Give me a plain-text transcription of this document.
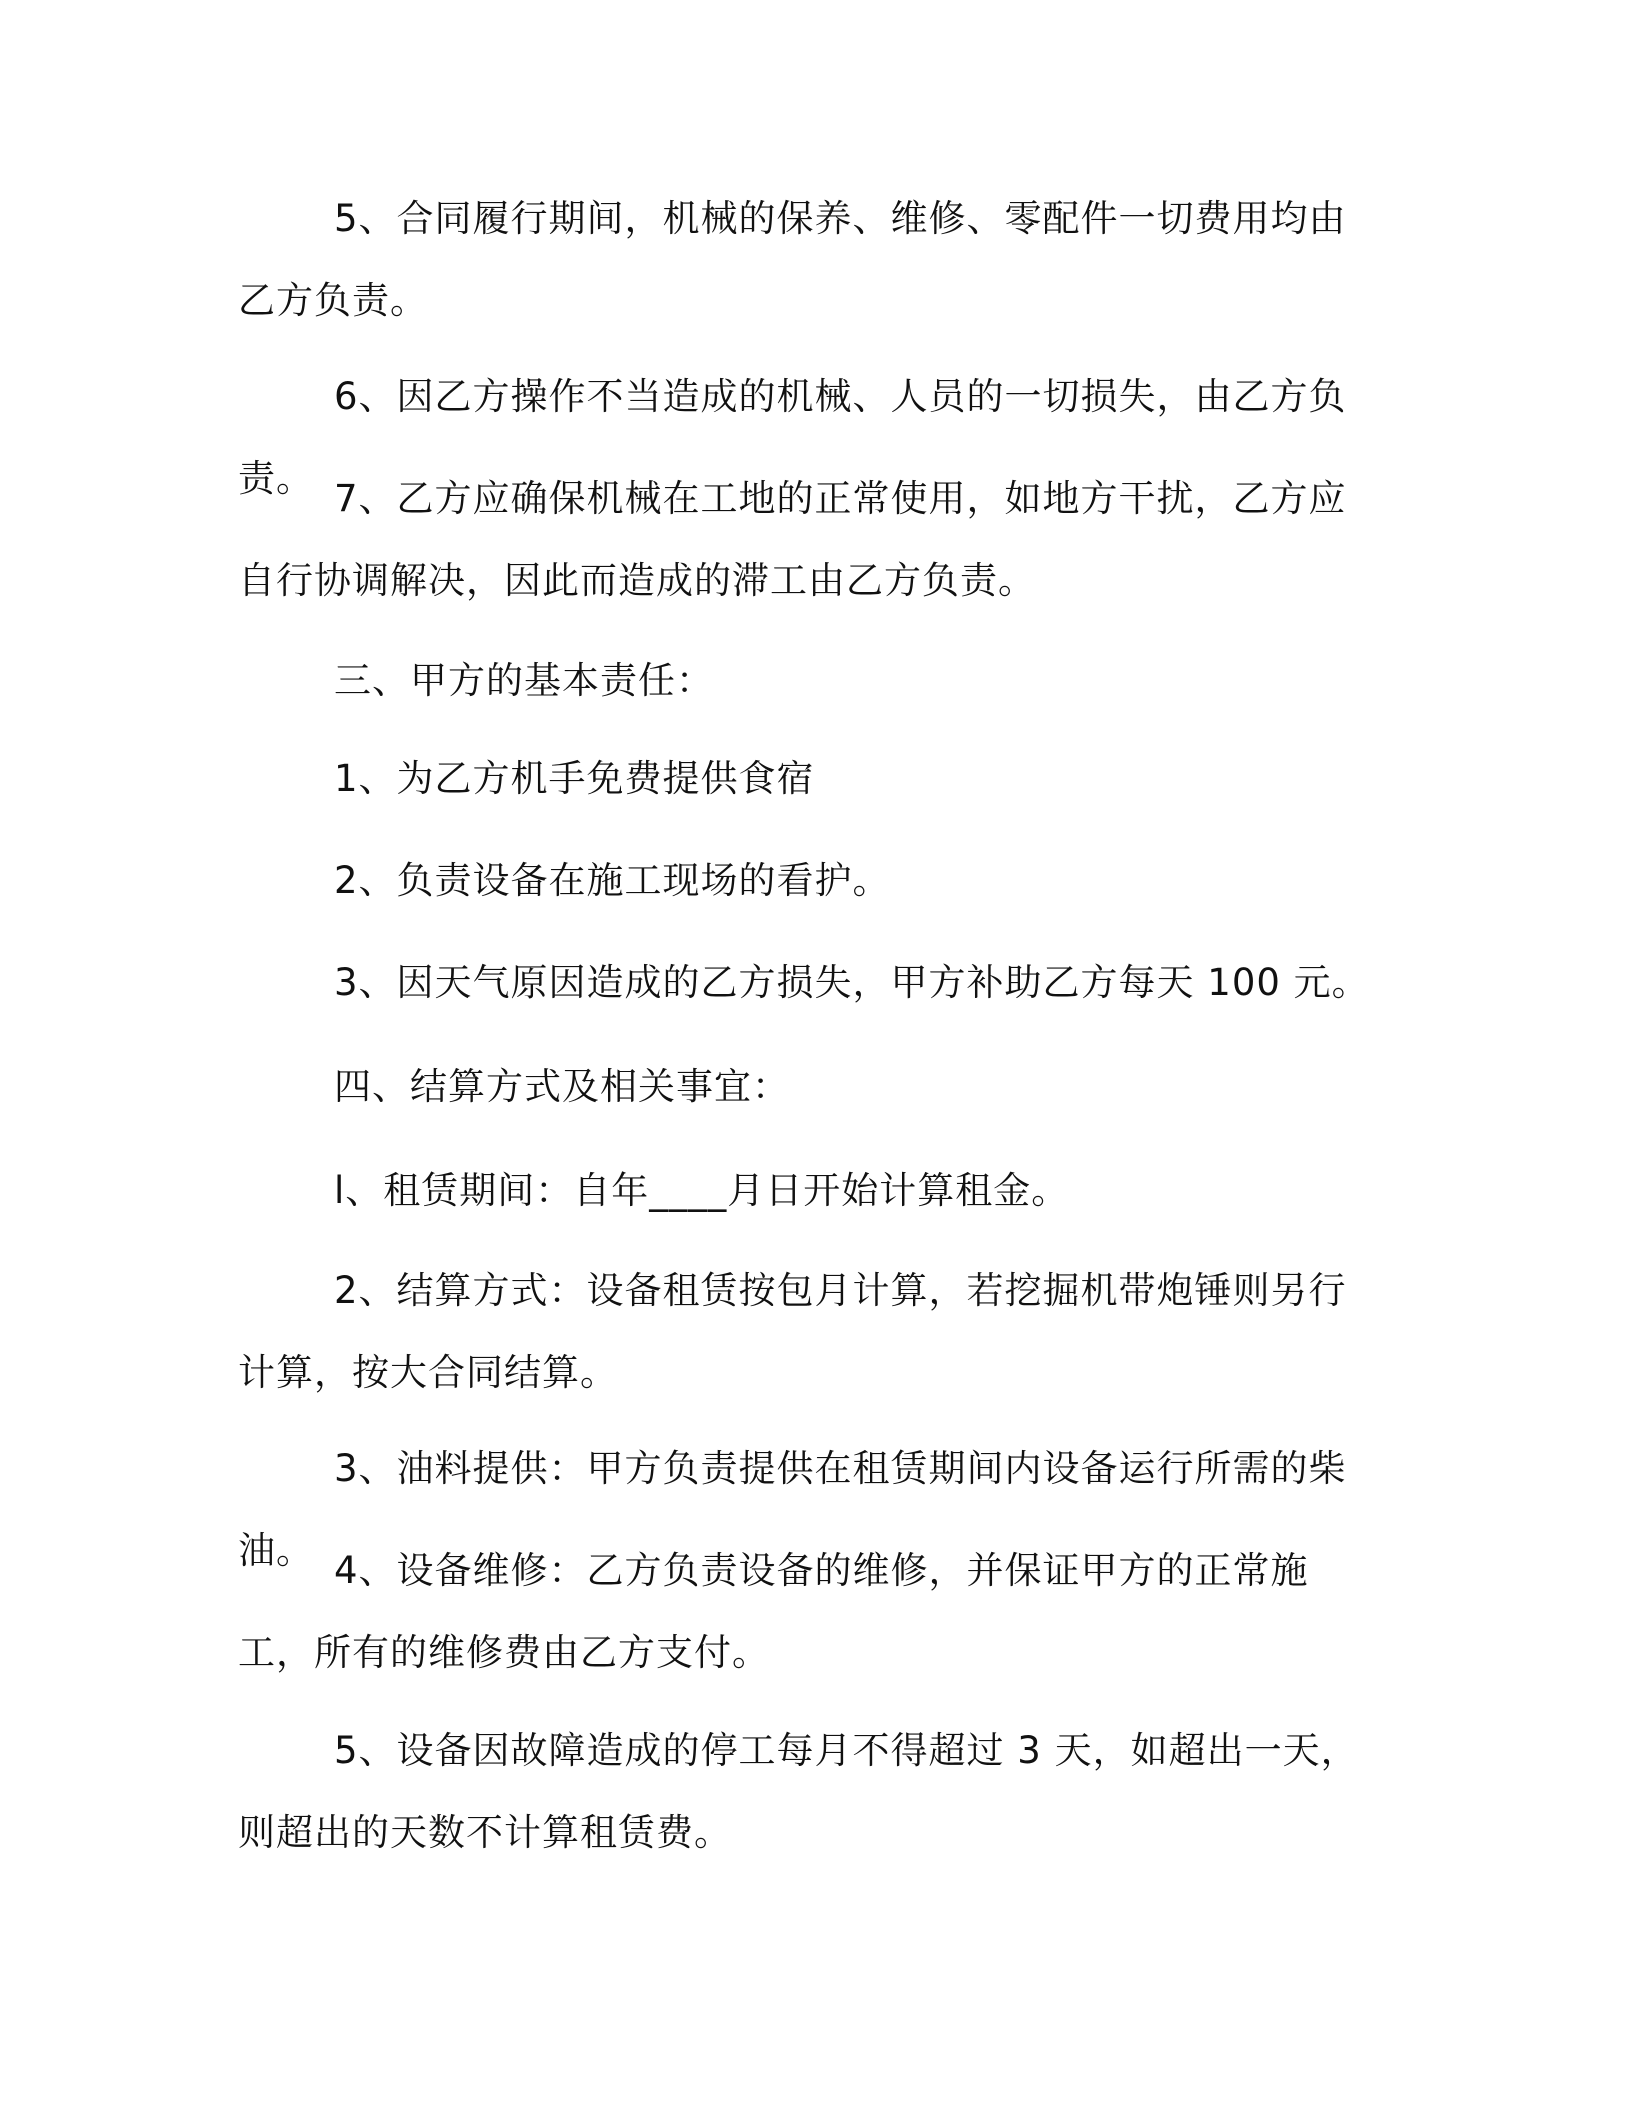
5、合同履行期间，机械的保养、维修、零配件一切费用均由乙方负责。

6、因乙方操作不当造成的机械、人员的一切损失，由乙方负责。 7、乙方应确保机械在工地的正常使用，如地方干扰，乙方应自行协调解决，因此而造成的滞工由乙方负责。

三、甲方的基本责任：

1、为乙方机手免费提供食宿

2、负责设备在施工现场的看护。

3、因天气原因造成的乙方损失，甲方补助乙方每天 100 元。

四、结算方式及相关事宜：

l、租赁期间：自年____月日开始计算租金。

2、结算方式：设备租赁按包月计算，若挖掘机带炮锤则另行计算，按大合同结算。

3、油料提供：甲方负责提供在租赁期间内设备运行所需的柴油。 4、设备维修：乙方负责设备的维修，并保证甲方的正常施工，所有的维修费由乙方支付。

5、设备因故障造成的停工每月不得超过 3 天，如超出一天，则超出的天数不计算租赁费。
